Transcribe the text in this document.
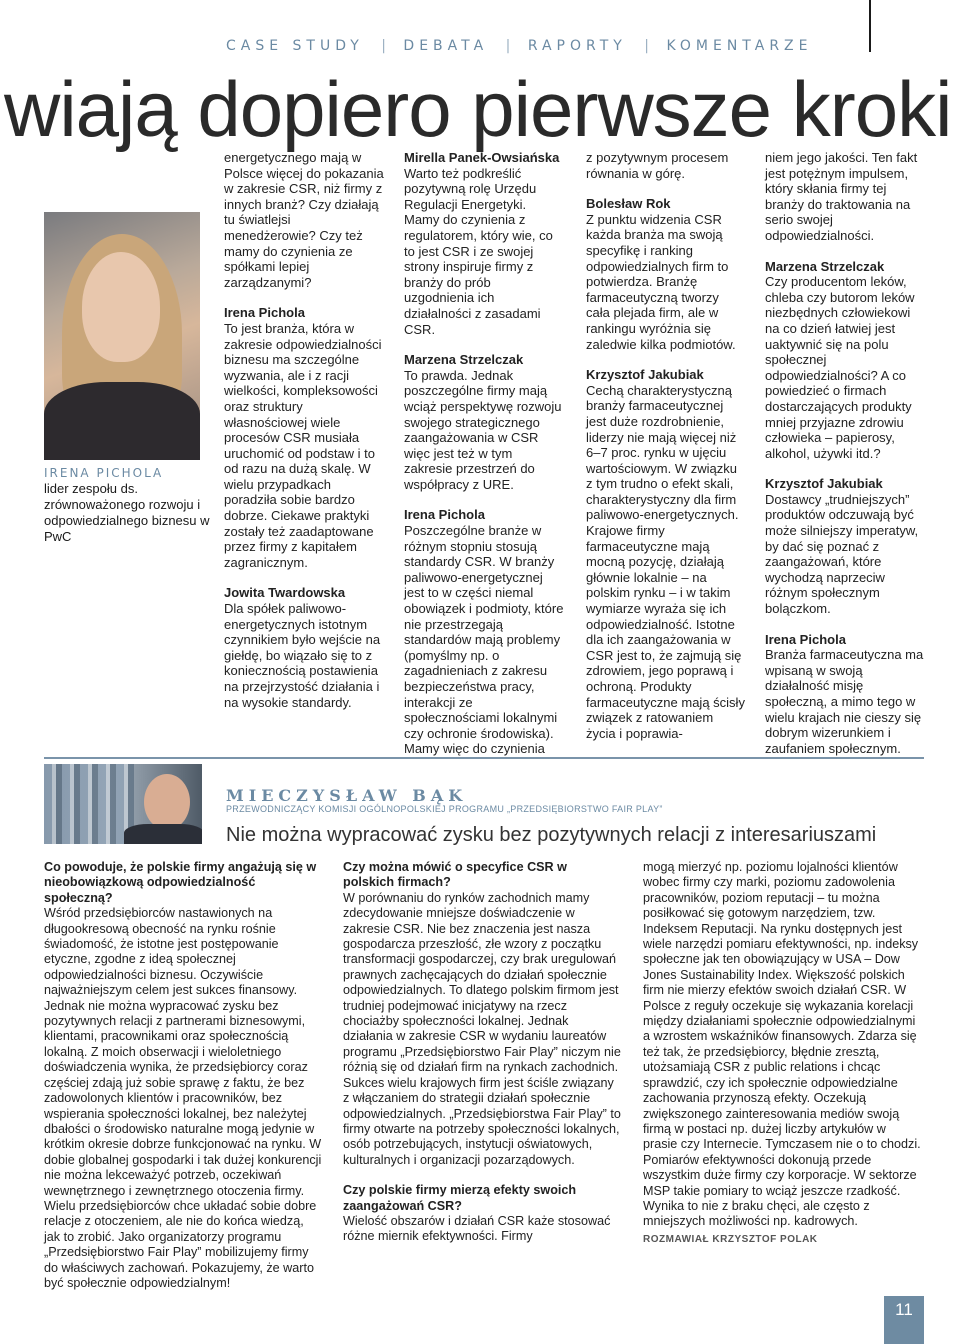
CASE STUDY | DEBATA | RAPORTY | KOMENTARZE
wiają dopiero pierwsze kroki
IRENA PICHOLA
lider zespołu ds. zrównoważonego rozwoju i odpowiedzialnego biznesu w PwC

energetycznego mają w Polsce więcej do pokazania w zakresie CSR, niż firmy z innych branż? Czy działają tu światlejsi menedżerowie? Czy też mamy do czynienia ze spółkami lepiej zarządzanymi?

Irena Pichola

To jest branża, która w zakresie odpowiedzialności biznesu ma szczególne wyzwania, ale i z racji wielkości, kompleksowości oraz struktury własnościowej wiele procesów CSR musiała uruchomić od podstaw i to od razu na dużą skalę. W wielu przypadkach poradziła sobie bardzo dobrze. Ciekawe praktyki zostały też zaadaptowane przez firmy z kapitałem zagranicznym.

Jowita Twardowska

Dla spółek paliwowo-energetycznych istotnym czynnikiem było wejście na giełdę, bo wiązało się to z koniecznością postawienia na przejrzystość działania i na wysokie standardy.

Mirella Panek-Owsiańska

Warto też podkreślić pozytywną rolę Urzędu Regulacji Energetyki. Mamy do czynienia z regulatorem, który wie, co to jest CSR i ze swojej strony inspiruje firmy z branży do prób uzgodnienia ich działalności z zasadami CSR.

Marzena Strzelczak

To prawda. Jednak poszczególne firmy mają wciąż perspektywę rozwoju swojego strategicznego zaangażowania w CSR więc jest też w tym zakresie przestrzeń do współpracy z URE.

Irena Pichola

Poszczególne branże w różnym stopniu stosują standardy CSR. W branży paliwowo-energetycznej jest to w części niemal obowiązek i podmioty, które nie przestrzegają standardów mają problemy (pomyślmy np. o zagadnieniach z zakresu bezpieczeństwa pracy, interakcji ze społecznościami lokalnymi czy ochronie środowiska). Mamy więc do czynienia

z pozytywnym procesem równania w górę.

Bolesław Rok

Z punktu widzenia CSR każda branża ma swoją specyfikę i ranking odpowiedzialnych firm to potwierdza. Branżę farmaceutyczną tworzy cała plejada firm, ale w rankingu wyróżnia się zaledwie kilka podmiotów.

Krzysztof Jakubiak

Cechą charakterystyczną branży farmaceutycznej jest duże rozdrobnienie, liderzy nie mają więcej niż 6–7 proc. rynku w ujęciu wartościowym. W związku z tym trudno o efekt skali, charakterystyczny dla firm paliwowo-energetycznych. Krajowe firmy farmaceutyczne mają mocną pozycję, działają głównie lokalnie – na polskim rynku – i w takim wymiarze wyraża się ich odpowiedzialność. Istotne dla ich zaangażowania w CSR jest to, że zajmują się zdrowiem, jego poprawą i ochroną. Produkty farmaceutyczne mają ścisły związek z ratowaniem życia i poprawia-

niem jego jakości. Ten fakt jest potężnym impulsem, który skłania firmy tej branży do traktowania na serio swojej odpowiedzialności.

Marzena Strzelczak

Czy producentom leków, chleba czy butorom leków niezbędnych człowiekowi na co dzień łatwiej jest uaktywnić się na polu społecznej odpowiedzialności? A co powiedzieć o firmach dostarczających produkty mniej przyjazne zdrowiu człowieka – papierosy, alkohol, używki itd.?

Krzysztof Jakubiak

Dostawcy „trudniejszych” produktów odczuwają być może silniejszy imperatyw, by dać się poznać z zaangażowań, które wychodzą naprzeciw różnym społecznym bolączkom.

Irena Pichola

Branża farmaceutyczna ma wpisaną w swoją działalność misję społeczną, a mimo tego w wielu krajach nie cieszy się dobrym wizerunkiem i zaufaniem społecznym.

MIECZYSŁAW BĄK
PRZEWODNICZĄCY KOMISJI OGÓLNOPOLSKIEJ PROGRAMU „PRZEDSIĘBIORSTWO FAIR PLAY”
Nie można wypracować zysku bez pozytywnych relacji z interesariuszami

Co powoduje, że polskie firmy angażują się w nieobowiązkową odpowiedzialność społeczną?

Wśród przedsiębiorców nastawionych na długookresową obecność na rynku rośnie świadomość, że istotne jest postępowanie etyczne, zgodne z ideą społecznej odpowiedzialności biznesu. Oczywiście najważniejszym celem jest sukces finansowy. Jednak nie można wypracować zysku bez pozytywnych relacji z partnerami biznesowymi, klientami, pracownikami oraz społecznością lokalną. Z moich obserwacji i wieloletniego doświadczenia wynika, że przedsiębiorcy coraz częściej zdają już sobie sprawę z faktu, że bez zadowolonych klientów i pracowników, bez wspierania społeczności lokalnej, bez należytej dbałości o środowisko naturalne mogą jedynie w krótkim okresie dobrze funkcjonować na rynku. W dobie globalnej gospodarki i tak dużej konkurencji nie można lekceważyć potrzeb, oczekiwań wewnętrznego i zewnętrznego otoczenia firmy. Wielu przedsiębiorców chce układać sobie dobre relacje z otoczeniem, ale nie do końca wiedzą, jak to zrobić. Jako organizatorzy programu „Przedsiębiorstwo Fair Play” mobilizujemy firmy do właściwych zachowań. Pokazujemy, że warto być społecznie odpowiedzialnym!

Czy można mówić o specyfice CSR w polskich firmach?

W porównaniu do rynków zachodnich mamy zdecydowanie mniejsze doświadczenie w zakresie CSR. Nie bez znaczenia jest nasza gospodarcza przeszłość, złe wzory z początku transformacji gospodarczej, czy brak uregulowań prawnych zachęcających do działań społecznie odpowiedzialnych. To dlatego polskim firmom jest trudniej podejmować inicjatywy na rzecz chociażby społeczności lokalnej. Jednak działania w zakresie CSR w wydaniu laureatów programu „Przedsiębiorstwo Fair Play” niczym nie różnią się od działań firm na rynkach zachodnich. Sukces wielu krajowych firm jest ściśle związany z włączaniem do strategii działań społecznie odpowiedzialnych. „Przedsiębiorstwa Fair Play” to firmy otwarte na potrzeby społeczności lokalnych, osób potrzebujących, instytucji oświatowych, kulturalnych i organizacji pozarządowych.

Czy polskie firmy mierzą efekty swoich zaangażowań CSR?

Wielość obszarów i działań CSR każe stosować różne miernik efektywności. Firmy

mogą mierzyć np. poziomu lojalności klientów wobec firmy czy marki, poziomu zadowolenia pracowników, poziom reputacji – tu można posiłkować się gotowym narzędziem, tzw. Indeksem Reputacji. Na rynku dostępnych jest wiele narzędzi pomiaru efektywności, np. indeksy społeczne jak ten obowiązujący w USA – Dow Jones Sustainability Index. Większość polskich firm nie mierzy efektów swoich działań CSR. W Polsce z reguły oczekuje się wykazania korelacji między działaniami społecznie odpowiedzialnymi a wzrostem wskaźników finansowych. Zdarza się też tak, że przedsiębiorcy, błędnie zresztą, utożsamiają CSR z public relations i chcąc sprawdzić, czy ich społecznie odpowiedzialne zachowania przynoszą efekty. Oczekują zwiększonego zainteresowania mediów swoją firmą w postaci np. dużej liczby artykułów w prasie czy Internecie. Tymczasem nie o to chodzi. Pomiarów efektywności dokonują przede wszystkim duże firmy czy korporacje. W sektorze MSP takie pomiary to wciąż jeszcze rzadkość. Wynika to nie z braku chęci, ale często z mniejszych możliwości np. kadrowych.

ROZMAWIAŁ KRZYSZTOF POLAK

11
